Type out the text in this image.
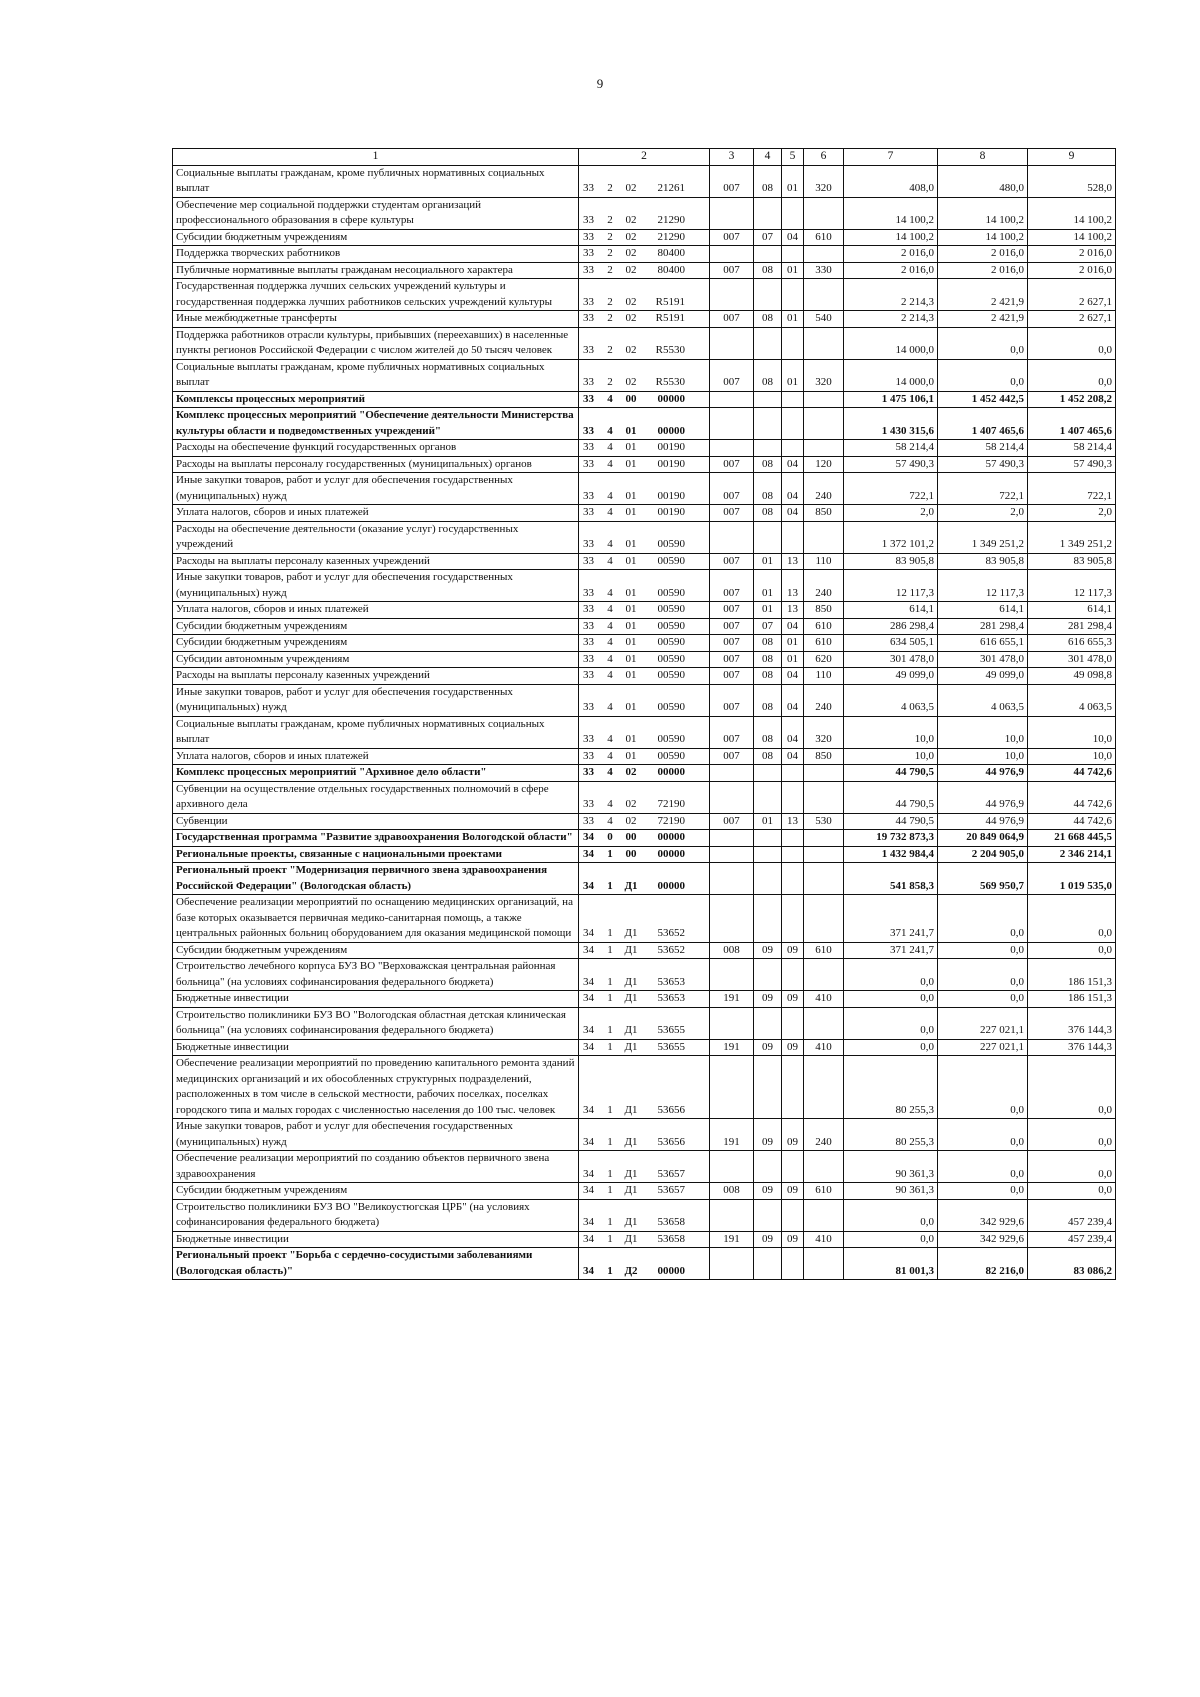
9
1	2	3	4	5	6	7	8	9
Социальные выплаты гражданам, кроме публичных нормативных социальных выплат	33 2 02 21261	007	08	01	320	408,0	480,0	528,0
Обеспечение мер социальной поддержки студентам организаций профессионального образования в сфере культуры	33 2 02 21290					14 100,2	14 100,2	14 100,2
Субсидии бюджетным учреждениям	33 2 02 21290	007	07	04	610	14 100,2	14 100,2	14 100,2
Поддержка творческих работников	33 2 02 80400					2 016,0	2 016,0	2 016,0
Публичные нормативные выплаты гражданам несоциального характера	33 2 02 80400	007	08	01	330	2 016,0	2 016,0	2 016,0
Государственная поддержка лучших сельских учреждений культуры и государственная поддержка лучших работников сельских учреждений культуры	33 2 02 R5191					2 214,3	2 421,9	2 627,1
Иные межбюджетные трансферты	33 2 02 R5191	007	08	01	540	2 214,3	2 421,9	2 627,1
Поддержка работников отрасли культуры, прибывших (переехавших) в населенные пункты регионов Российской Федерации с числом жителей до 50 тысяч человек	33 2 02 R5530					14 000,0	0,0	0,0
Социальные выплаты гражданам, кроме публичных нормативных социальных выплат	33 2 02 R5530	007	08	01	320	14 000,0	0,0	0,0
Комплексы процессных мероприятий	33 4 00 00000					1 475 106,1	1 452 442,5	1 452 208,2
Комплекс процессных мероприятий "Обеспечение деятельности Министерства культуры области и подведомственных учреждений"	33 4 01 00000					1 430 315,6	1 407 465,6	1 407 465,6
Расходы на обеспечение функций государственных органов	33 4 01 00190					58 214,4	58 214,4	58 214,4
Расходы на выплаты персоналу государственных (муниципальных) органов	33 4 01 00190	007	08	04	120	57 490,3	57 490,3	57 490,3
Иные закупки товаров, работ и услуг для обеспечения государственных (муниципальных) нужд	33 4 01 00190	007	08	04	240	722,1	722,1	722,1
Уплата налогов, сборов и иных платежей	33 4 01 00190	007	08	04	850	2,0	2,0	2,0
Расходы на обеспечение деятельности (оказание услуг) государственных учреждений	33 4 01 00590					1 372 101,2	1 349 251,2	1 349 251,2
Расходы на выплаты персоналу казенных учреждений	33 4 01 00590	007	01	13	110	83 905,8	83 905,8	83 905,8
Иные закупки товаров, работ и услуг для обеспечения государственных (муниципальных) нужд	33 4 01 00590	007	01	13	240	12 117,3	12 117,3	12 117,3
Уплата налогов, сборов и иных платежей	33 4 01 00590	007	01	13	850	614,1	614,1	614,1
Субсидии бюджетным учреждениям	33 4 01 00590	007	07	04	610	286 298,4	281 298,4	281 298,4
Субсидии бюджетным учреждениям	33 4 01 00590	007	08	01	610	634 505,1	616 655,1	616 655,3
Субсидии автономным учреждениям	33 4 01 00590	007	08	01	620	301 478,0	301 478,0	301 478,0
Расходы на выплаты персоналу казенных учреждений	33 4 01 00590	007	08	04	110	49 099,0	49 099,0	49 098,8
Иные закупки товаров, работ и услуг для обеспечения государственных (муниципальных) нужд	33 4 01 00590	007	08	04	240	4 063,5	4 063,5	4 063,5
Социальные выплаты гражданам, кроме публичных нормативных социальных выплат	33 4 01 00590	007	08	04	320	10,0	10,0	10,0
Уплата налогов, сборов и иных платежей	33 4 01 00590	007	08	04	850	10,0	10,0	10,0
Комплекс процессных мероприятий "Архивное дело области"	33 4 02 00000					44 790,5	44 976,9	44 742,6
Субвенции на осуществление отдельных государственных полномочий в сфере архивного дела	33 4 02 72190					44 790,5	44 976,9	44 742,6
Субвенции	33 4 02 72190	007	01	13	530	44 790,5	44 976,9	44 742,6
Государственная программа "Развитие здравоохранения Вологодской области"	34 0 00 00000					19 732 873,3	20 849 064,9	21 668 445,5
Региональные проекты, связанные с национальными проектами	34 1 00 00000					1 432 984,4	2 204 905,0	2 346 214,1
Региональный проект "Модернизация первичного звена здравоохранения Российской Федерации" (Вологодская область)	34 1 Д1 00000					541 858,3	569 950,7	1 019 535,0
Обеспечение реализации мероприятий по оснащению медицинских организаций, на базе которых оказывается первичная медико-санитарная помощь, а также центральных районных больниц оборудованием для оказания медицинской помощи	34 1 Д1 53652					371 241,7	0,0	0,0
Субсидии бюджетным учреждениям	34 1 Д1 53652	008	09	09	610	371 241,7	0,0	0,0
Строительство лечебного корпуса БУЗ ВО "Верховажская центральная районная больница" (на условиях софинансирования федерального бюджета)	34 1 Д1 53653					0,0	0,0	186 151,3
Бюджетные инвестиции	34 1 Д1 53653	191	09	09	410	0,0	0,0	186 151,3
Строительство поликлиники БУЗ ВО "Вологодская областная детская клиническая больница" (на условиях софинансирования федерального бюджета)	34 1 Д1 53655					0,0	227 021,1	376 144,3
Бюджетные инвестиции	34 1 Д1 53655	191	09	09	410	0,0	227 021,1	376 144,3
Обеспечение реализации мероприятий по проведению капитального ремонта зданий медицинских организаций и их обособленных структурных подразделений, расположенных в том числе в сельской местности, рабочих поселках, поселках городского типа и малых городах с численностью населения до 100 тыс. человек	34 1 Д1 53656					80 255,3	0,0	0,0
Иные закупки товаров, работ и услуг для обеспечения государственных (муниципальных) нужд	34 1 Д1 53656	191	09	09	240	80 255,3	0,0	0,0
Обеспечение реализации мероприятий по созданию объектов первичного звена здравоохранения	34 1 Д1 53657					90 361,3	0,0	0,0
Субсидии бюджетным учреждениям	34 1 Д1 53657	008	09	09	610	90 361,3	0,0	0,0
Строительство поликлиники БУЗ ВО "Великоустюгская ЦРБ" (на условиях софинансирования федерального бюджета)	34 1 Д1 53658					0,0	342 929,6	457 239,4
Бюджетные инвестиции	34 1 Д1 53658	191	09	09	410	0,0	342 929,6	457 239,4
Региональный проект "Борьба с сердечно-сосудистыми заболеваниями (Вологодская область)"	34 1 Д2 00000					81 001,3	82 216,0	83 086,2
